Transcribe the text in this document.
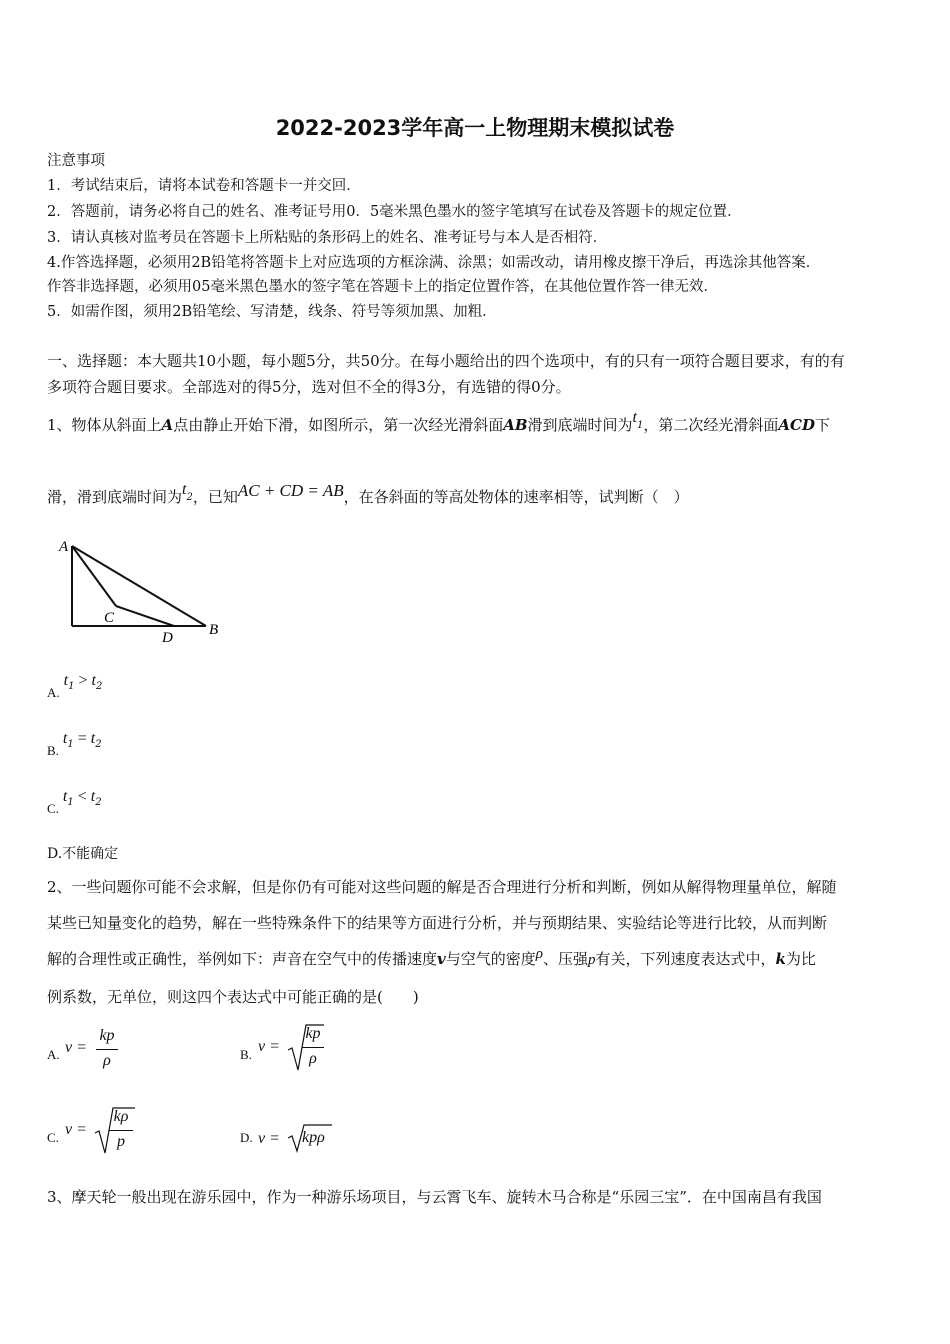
2022-2023学年高一上物理期末模拟试卷
注意事项
1．考试结束后，请将本试卷和答题卡一并交回．
2．答题前，请务必将自己的姓名、准考证号用0．5毫米黑色墨水的签字笔填写在试卷及答题卡的规定位置．
3．请认真核对监考员在答题卡上所粘贴的条形码上的姓名、准考证号与本人是否相符．
4.作答选择题，必须用2B铅笔将答题卡上对应选项的方框涂满、涂黑；如需改动，请用橡皮擦干净后，再选涂其他答案．
作答非选择题，必须用05毫米黑色墨水的签字笔在答题卡上的指定位置作答，在其他位置作答一律无效．
5．如需作图，须用2B铅笔绘、写清楚，线条、符号等须加黑、加粗．
一、选择题：本大题共10小题，每小题5分，共50分。在每小题给出的四个选项中，有的只有一项符合题目要求，有的有
多项符合题目要求。全部选对的得5分，选对但不全的得3分，有选错的得0分。
1、物体从斜面上A点由静止开始下滑，如图所示，第一次经光滑斜面AB滑到底端时间为$t_1$，第二次经光滑斜面ACD下
滑，滑到底端时间为$t_2$，已知AC + CD = AB，在各斜面的等高处物体的速率相等，试判断（　）
A
C
D B
$_{A.}t_1 > t_2$
$_{B.}t_1 = t_2$
$_{C.}t_1 < t_2$
D.不能确定
2、一些问题你可能不会求解，但是你仍有可能对这些问题的解是否合理进行分析和判断，例如从解得物理量单位，解随
某些已知量变化的趋势，解在一些特殊条件下的结果等方面进行分析，并与预期结果、实验结论等进行比较，从而判断
解的合理性或正确性，举例如下：声音在空气中的传播速度v与空气的密度ρ、压强p有关，下列速度表达式中，k为比
例系数，无单位，则这四个表达式中可能正确的是(　　)
A. v =
kp
ρ	B. v =
kp
ρ
C. v =
kρ
p	D. v = kpρ
3、摩天轮一般出现在游乐园中，作为一种游乐场项目，与云霄飞车、旋转木马合称是“乐园三宝”．在中国南昌有我国
